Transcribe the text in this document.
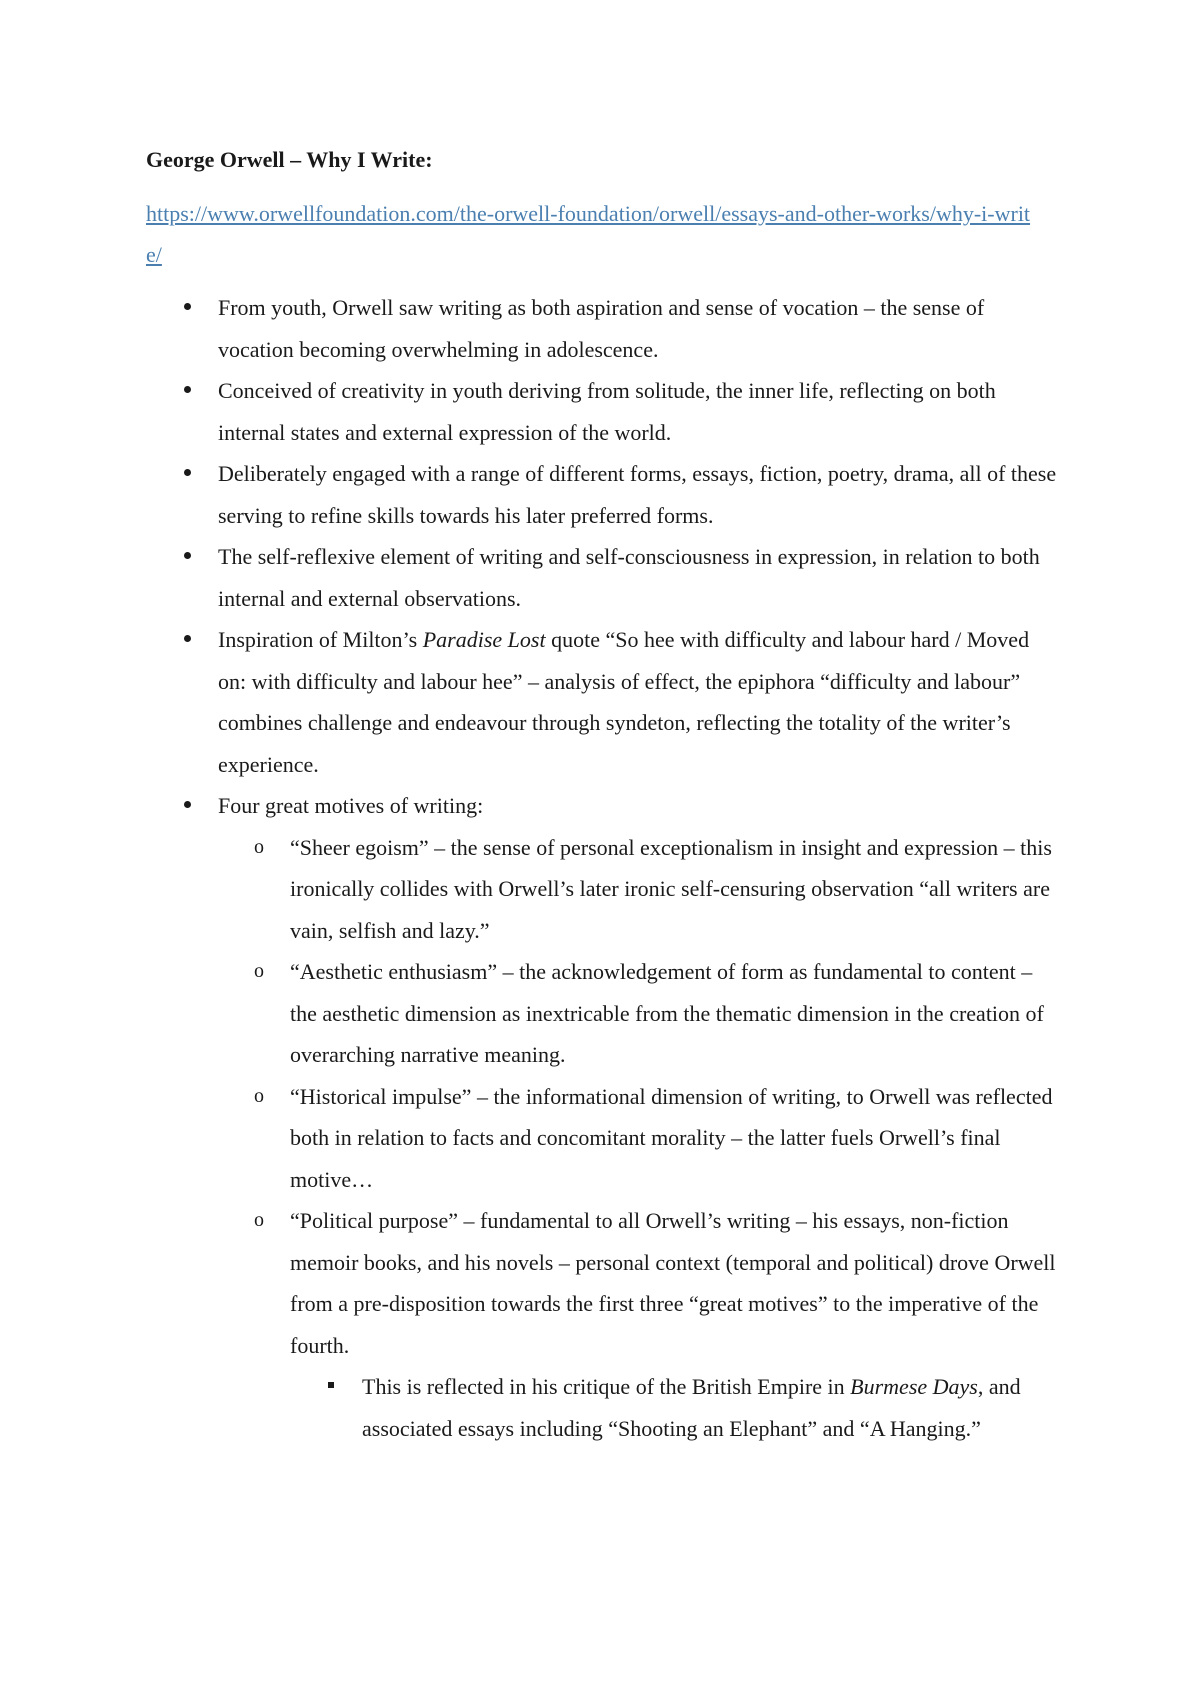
George Orwell – Why I Write:
https://www.orwellfoundation.com/the-orwell-foundation/orwell/essays-and-other-works/why-i-write/
From youth, Orwell saw writing as both aspiration and sense of vocation – the sense of vocation becoming overwhelming in adolescence.
Conceived of creativity in youth deriving from solitude, the inner life, reflecting on both internal states and external expression of the world.
Deliberately engaged with a range of different forms, essays, fiction, poetry, drama, all of these serving to refine skills towards his later preferred forms.
The self-reflexive element of writing and self-consciousness in expression, in relation to both internal and external observations.
Inspiration of Milton’s Paradise Lost quote “So hee with difficulty and labour hard / Moved on: with difficulty and labour hee” – analysis of effect, the epiphora “difficulty and labour” combines challenge and endeavour through syndeton, reflecting the totality of the writer’s experience.
Four great motives of writing:
o “Sheer egoism” – the sense of personal exceptionalism in insight and expression – this ironically collides with Orwell’s later ironic self-censuring observation “all writers are vain, selfish and lazy.”
o “Aesthetic enthusiasm” – the acknowledgement of form as fundamental to content – the aesthetic dimension as inextricable from the thematic dimension in the creation of overarching narrative meaning.
o “Historical impulse” – the informational dimension of writing, to Orwell was reflected both in relation to facts and concomitant morality – the latter fuels Orwell’s final motive…
o “Political purpose” – fundamental to all Orwell’s writing – his essays, non-fiction memoir books, and his novels – personal context (temporal and political) drove Orwell from a pre-disposition towards the first three “great motives” to the imperative of the fourth.
This is reflected in his critique of the British Empire in Burmese Days, and associated essays including “Shooting an Elephant” and “A Hanging.”
